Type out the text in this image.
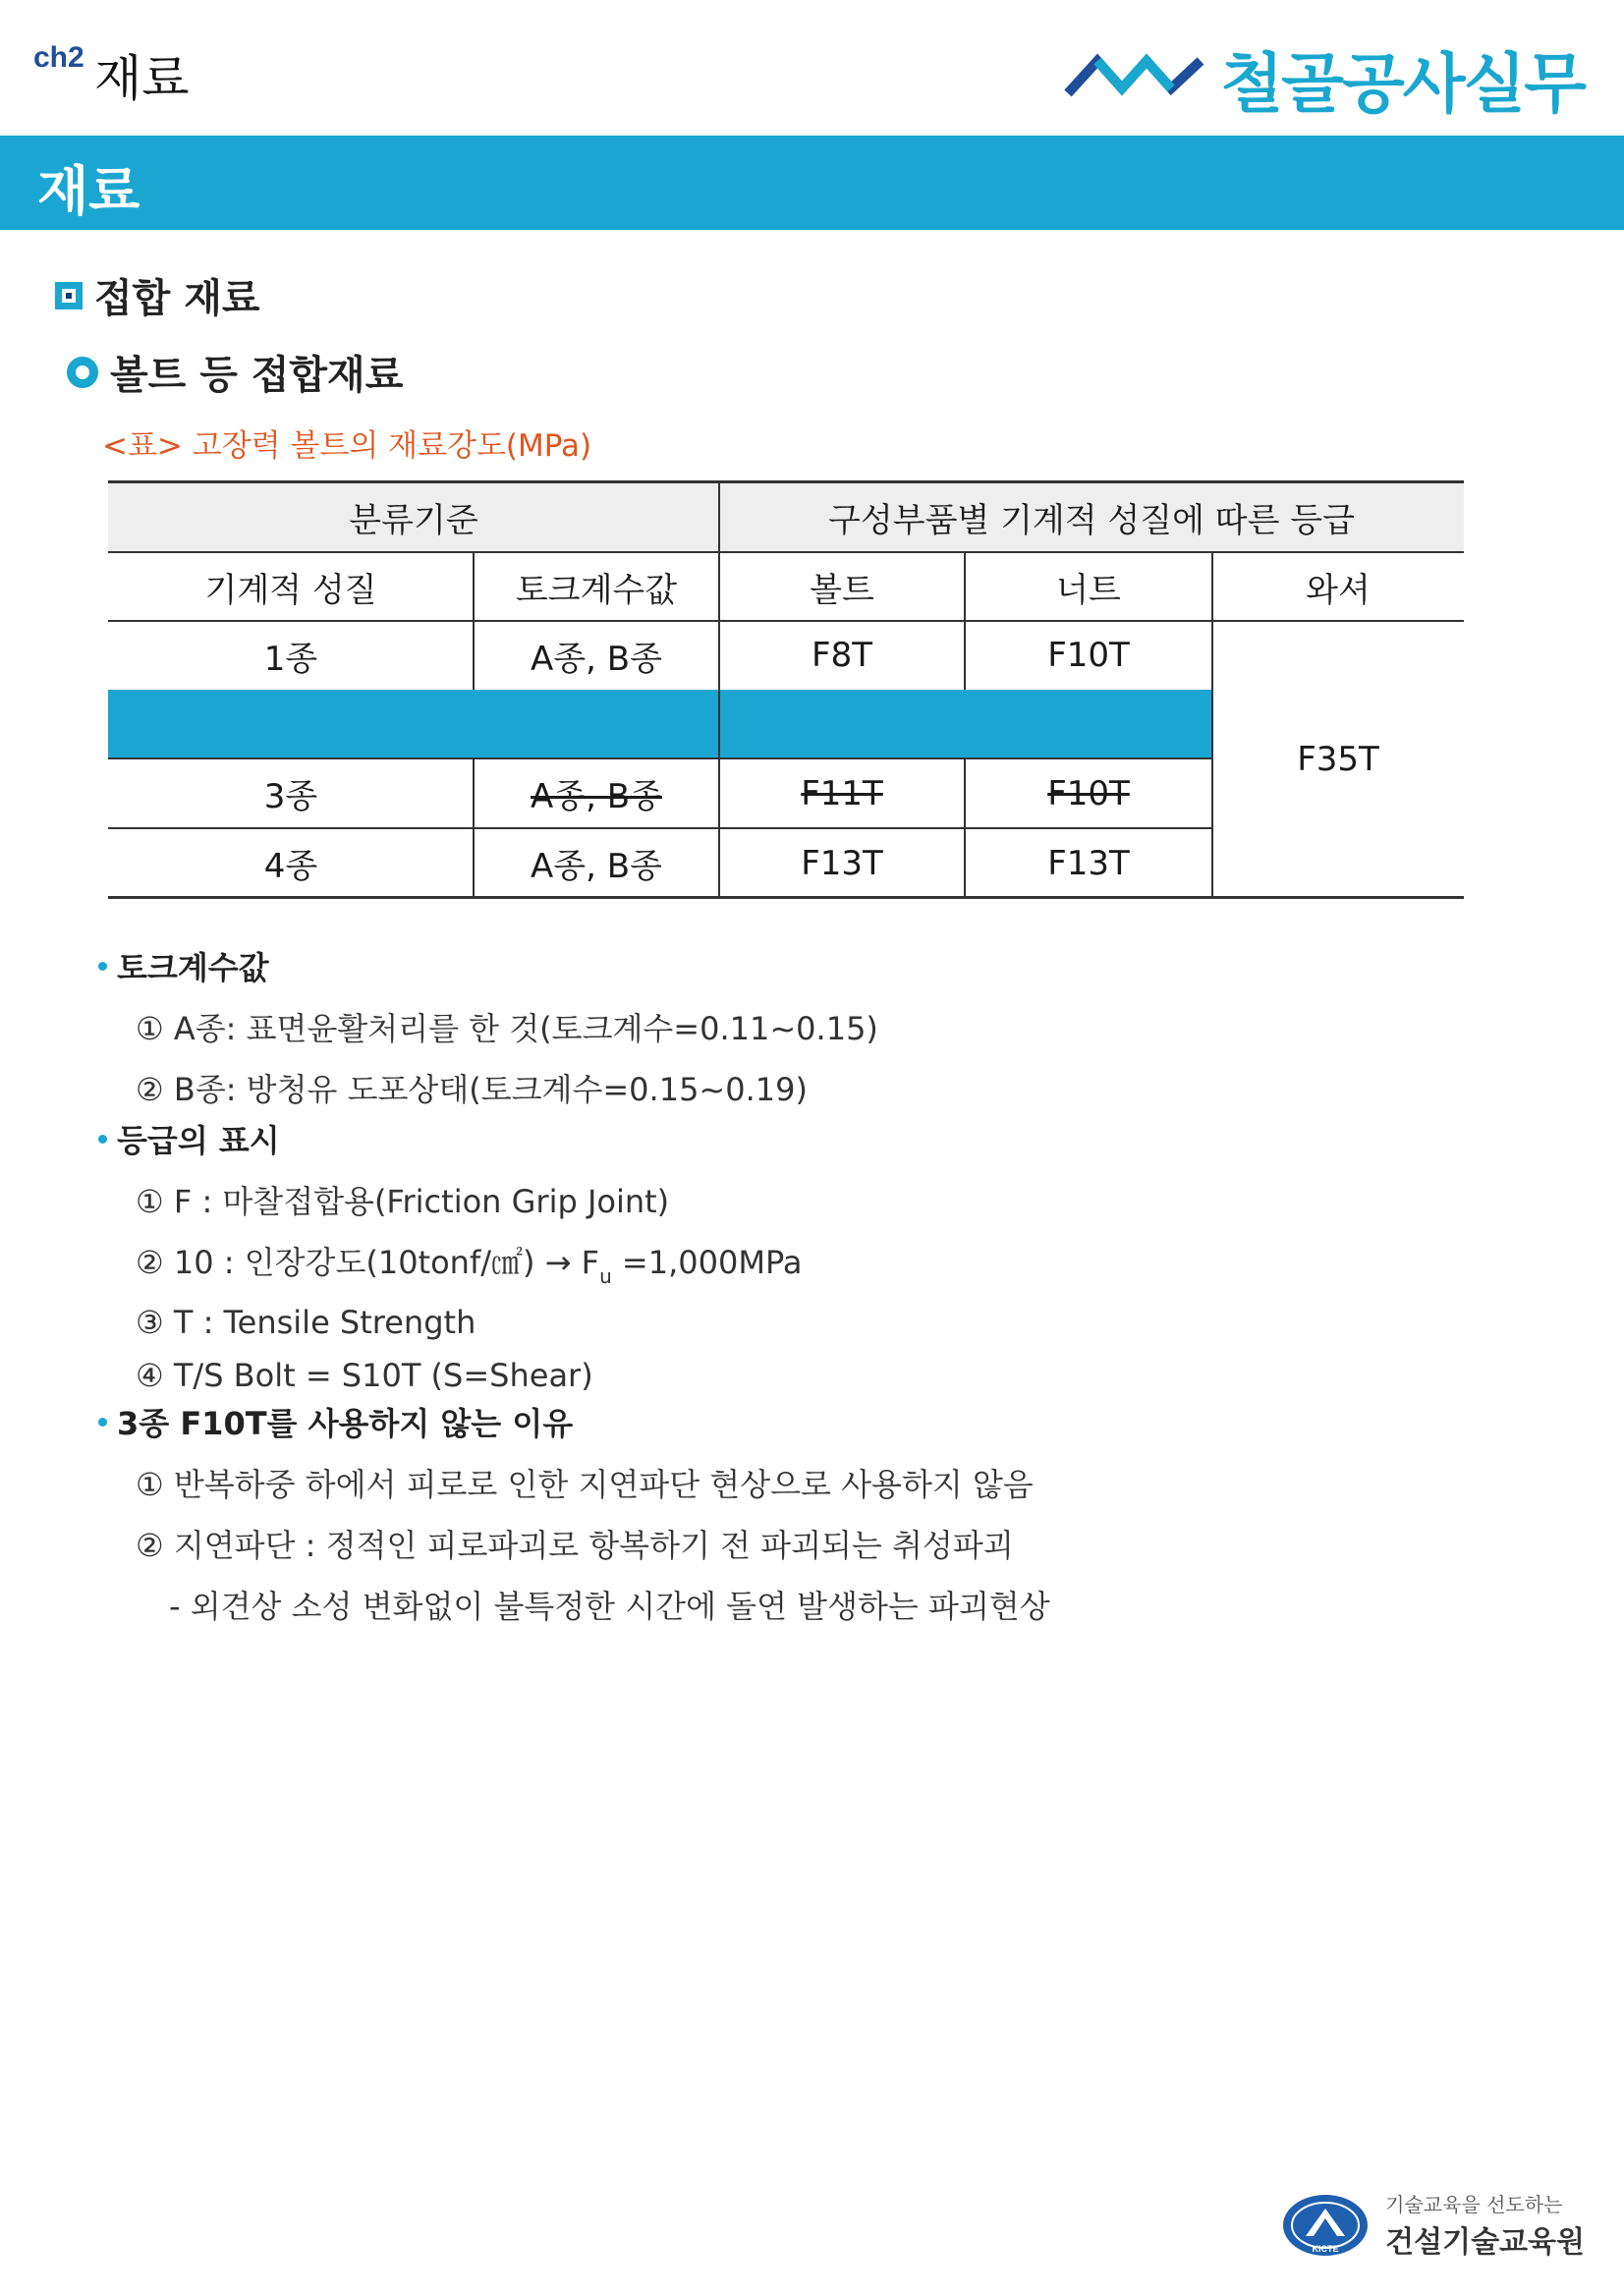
ch2 재료	철골공사실무
재료
접합 재료
볼트 등 접합재료
<표> 고장력 볼트의 재료강도(MPa)
분류기준	구성부품별 기계적 성질에 따른 등급
기계적 성질	토크계수값	볼트	너트	와셔
1종	A종, B종	F8T	F10T
3종	A종, B종	F11T	F10T
4종	A종, B종	F13T	F13T
F35T
토크계수값
① A종: 표면윤활처리를 한 것(토크계수=0.11~0.15)
② B종: 방청유 도포상태(토크계수=0.15~0.19)
등급의 표시
① F : 마찰접합용(Friction Grip Joint)
② 10 : 인장강도(10tonf/㎠) → $F_u =1,000MPa$
③ T : Tensile Strength
④ T/S Bolt = S10T (S=Shear)
3종 F10T를 사용하지 않는 이유
① 반복하중 하에서 피로로 인한 지연파단 현상으로 사용하지 않음
② 지연파단 : 정적인 피로파괴로 항복하기 전 파괴되는 취성파괴
- 외견상 소성 변화없이 불특정한 시간에 돌연 발생하는 파괴현상
KICTE
기술교육을 선도하는
건설기술교육원
